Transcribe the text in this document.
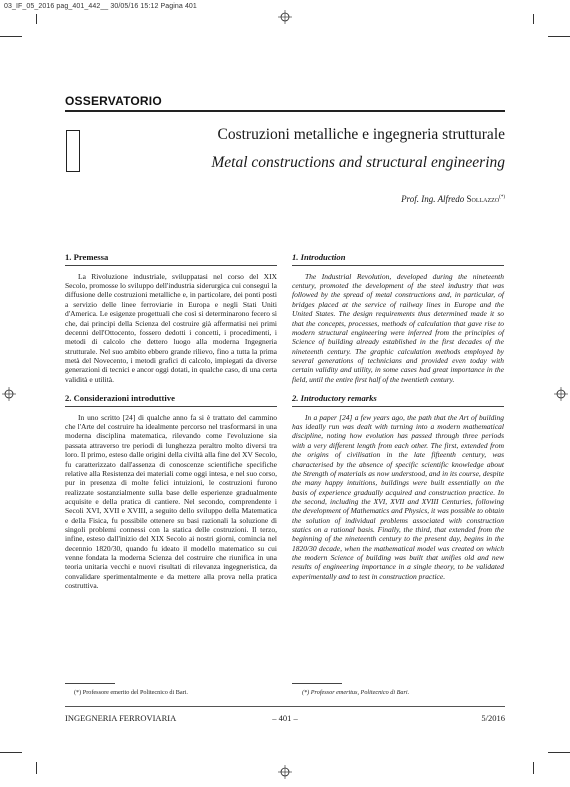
03_IF_05_2016 pag_401_442__ 30/05/16 15:12 Pagina 401
OSSERVATORIO
Costruzioni metalliche e ingegneria strutturale
Metal constructions and structural engineering
Prof. Ing. Alfredo Sollazzo(*)
1. Premessa

La Rivoluzione industriale, sviluppatasi nel corso del XIX Secolo, promosse lo sviluppo dell'industria siderurgica cui conseguì la diffusione delle costruzioni metalliche e, in particolare, dei ponti posti a servizio delle linee ferroviarie in Europa e negli Stati Uniti d'America. Le esigenze progettuali che così si determinarono fecero sì che, dai principi della Scienza del costruire già affermatisi nei primi decenni dell'Ottocento, fossero dedotti i concetti, i procedimenti, i metodi di calcolo che dettero luogo alla moderna Ingegneria strutturale. Nel suo ambito ebbero grande rilievo, fino a tutta la prima metà del Novecento, i metodi grafici di calcolo, impiegati da diverse generazioni di tecnici e ancor oggi dotati, in qualche caso, di una certa validità e utilità.

2. Considerazioni introduttive

In uno scritto [24] di qualche anno fa si è trattato del cammino che l'Arte del costruire ha idealmente percorso nel trasformarsi in una moderna disciplina matematica, rilevando come l'evoluzione sia passata attraverso tre periodi di lunghezza peraltro molto diversi tra loro. Il primo, esteso dalle origini della civiltà alla fine del XV Secolo, fu caratterizzato dall'assenza di conoscenze scientifiche specifiche relative alla Resistenza dei materiali come oggi intesa, e nel suo corso, pur in presenza di molte felici intuizioni, le costruzioni furono realizzate sostanzialmente sulla base delle esperienze gradualmente acquisite e della pratica di cantiere. Nel secondo, comprendente i Secoli XVI, XVII e XVIII, a seguito dello sviluppo della Matematica e della Fisica, fu possibile ottenere su basi razionali la soluzione di singoli problemi connessi con la statica delle costruzioni. Il terzo, infine, esteso dall'inizio del XIX Secolo ai nostri giorni, comincia nel decennio 1820/30, quando fu ideato il modello matematico su cui venne fondata la moderna Scienza del costruire che riunifica in una teoria unitaria vecchi e nuovi risultati di rilevanza ingegneristica, da convalidare sperimentalmente e da mettere alla prova nella pratica costruttiva.

1. Introduction

The Industrial Revolution, developed during the nineteenth century, promoted the development of the steel industry that was followed by the spread of metal constructions and, in particular, of bridges placed at the service of railway lines in Europe and the United States. The design requirements thus determined made it so that the concepts, processes, methods of calculation that gave rise to modern structural engineering were inferred from the principles of Science of building already established in the first decades of the nineteenth century. The graphic calculation methods employed by several generations of technicians and provided even today with certain validity and utility, in some cases had great importance in the field, until the entire first half of the twentieth century.

2. Introductory remarks

In a paper [24] a few years ago, the path that the Art of building has ideally run was dealt with turning into a modern mathematical discipline, noting how evolution has passed through three periods with a very different length from each other. The first, extended from the origins of civilisation in the late fifteenth century, was characterised by the absence of specific scientific knowledge about the Strength of materials as now understood, and in its course, despite the many happy intuitions, buildings were built essentially on the basis of experience gradually acquired and construction practice. In the second, including the XVI, XVII and XVIII Centuries, following the development of Mathematics and Physics, it was possible to obtain the solution of individual problems associated with construction statics on a rational basis. Finally, the third, that extended from the beginning of the nineteenth century to the present day, begins in the 1820/30 decade, when the mathematical model was created on which the modern Science of building was built that unifies old and new results of engineering importance in a single theory, to be validated experimentally and to test in construction practice.

(*) Professore emerito del Politecnico di Bari.	(*) Professor emeritus, Politecnico di Bari.
INGEGNERIA FERROVIARIA	– 401 –	5/2016
